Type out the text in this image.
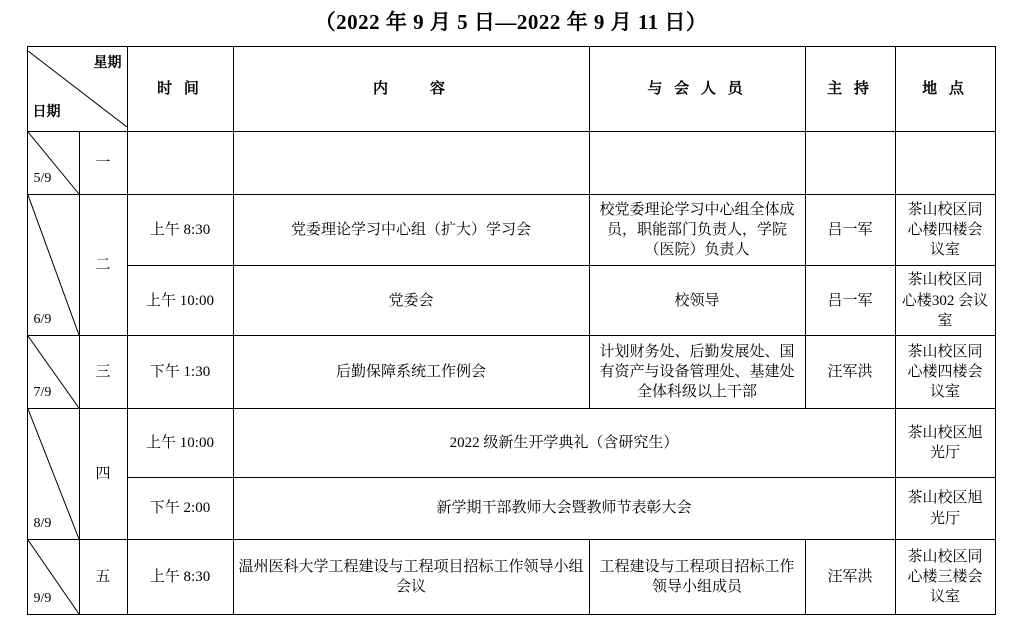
（2022 年 9 月 5 日—2022 年 9 月 11 日）
星期
日期		时 间	内　　容	与 会 人 员	主 持	地 点

5/9	一					

6/9	二	上午 8:30	党委理论学习中心组（扩大）学习会	校党委理论学习中心组全体成员，职能部门负责人，学院（医院）负责人	吕一军	茶山校区同心楼四楼会议室
		上午 10:00	党委会	校领导	吕一军	茶山校区同心楼302 会议室

7/9	三	下午 1:30	后勤保障系统工作例会	计划财务处、后勤发展处、国有资产与设备管理处、基建处全体科级以上干部	汪军洪	茶山校区同心楼四楼会议室

8/9	四	上午 10:00	2022 级新生开学典礼（含研究生）			茶山校区旭光厅
		下午 2:00	新学期干部教师大会暨教师节表彰大会			茶山校区旭光厅

9/9	五	上午 8:30	温州医科大学工程建设与工程项目招标工作领导小组会议	工程建设与工程项目招标工作领导小组成员	汪军洪	茶山校区同心楼三楼会议室
